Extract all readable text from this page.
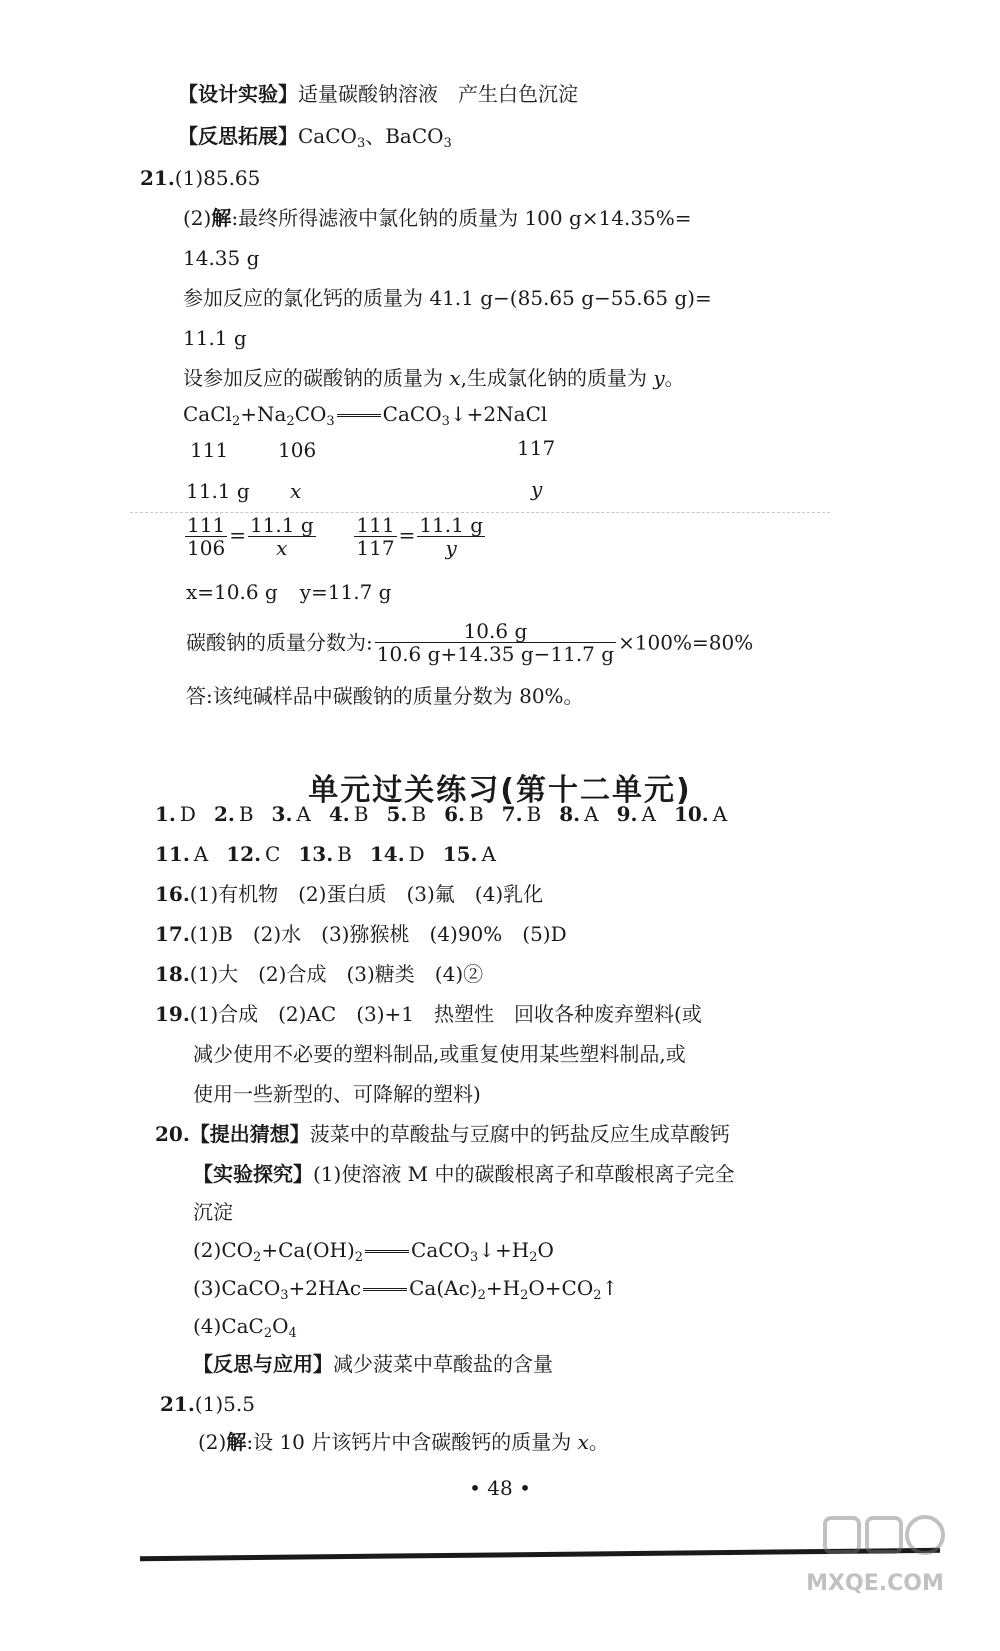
【设计实验】适量碳酸钠溶液　产生白色沉淀
【反思拓展】CaCO$_3$、BaCO$_3$
21.(1)85.65
(2)解:最终所得滤液中氯化钠的质量为 100 g×14.35%=
14.35 g
参加反应的氯化钙的质量为 41.1 g−(85.65 g−55.65 g)=
11.1 g
设参加反应的碳酸钠的质量为 x,生成氯化钠的质量为 y。
$CaCl_2+Na_2CO_3$ CaCO$_3$↓+2NaCl
111 106	117
11.1 g x	y
$\frac{111}{106} = \frac{11.1 g}{x}$
$\frac{111}{117} = \frac{11.1 g}{y}$
x=10.6 g y=11.7 g
碳酸钠的质量分数为: $\frac{10.6 g}{10.6 g+14.35 g-11.7 g} \times 100\%=80\%$
答:该纯碱样品中碳酸钠的质量分数为 80%。
单元过关练习(第十二单元)
1. D 2. B 3. A 4. B 5. B 6. B 7. B 8. A 9. A 10. A
11. A 12. C 13. B 14. D 15. A
16.(1)有机物　(2)蛋白质　(3)氟　(4)乳化
17.(1)B　(2)水　(3)猕猴桃　(4)90%　(5)D
18.(1)大　(2)合成　(3)糖类　(4)②
19.(1)合成　(2)AC　(3)+1　热塑性　回收各种废弃塑料(或
减少使用不必要的塑料制品,或重复使用某些塑料制品,或
使用一些新型的、可降解的塑料)
20.【提出猜想】菠菜中的草酸盐与豆腐中的钙盐反应生成草酸钙
【实验探究】(1)使溶液 M 中的碳酸根离子和草酸根离子完全
沉淀
$(2)CO_2+Ca(OH)_2$ $CaCO_3↓+H_2O$
(3)CaCO$_3$+2HAc $Ca(Ac)_2+H_2O+CO_2↑$
$(4)CaC_2O_4$
【反思与应用】减少菠菜中草酸盐的含量
21.(1)5.5
(2)解:设 10 片该钙片中含碳酸钙的质量为 x。
• 48 •
MXQE.COM
